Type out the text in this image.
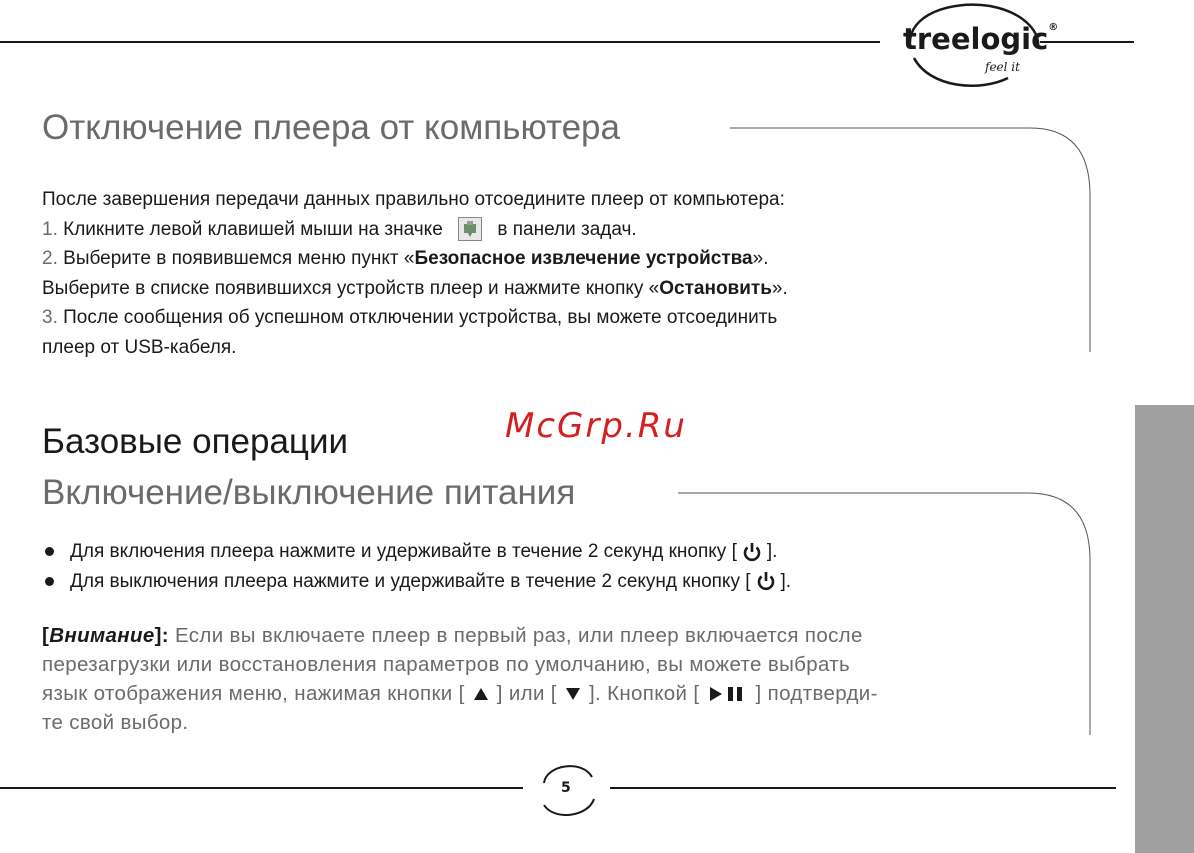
treelogic®
feel it
Отключение плеера от компьютера
После завершения передачи данных правильно отсоедините плеер от компьютера:
1. Кликните левой клавишей мыши на значке	в панели задач.
2. Выберите в появившемся меню пункт «Безопасное извлечение устройства».
Выберите в списке появившихся устройств плеер и нажмите кнопку «Остановить».
3. После сообщения об успешном отключении устройства, вы можете отсоединить
плеер от USB-кабеля.
McGrp.Ru
Базовые операции
Включение/выключение питания
Для включения плеера нажмите и удерживайте в течение 2 секунд кнопку [ ].
Для выключения плеера нажмите и удерживайте в течение 2 секунд кнопку [ ].
[Внимание]: Если вы включаете плеер в первый раз, или плеер включается после
перезагрузки или восстановления параметров по умолчанию, вы можете выбрать
язык отображения меню, нажимая кнопки [ ] или [ ]. Кнопкой [	] подтверди-
те свой выбор.
5
